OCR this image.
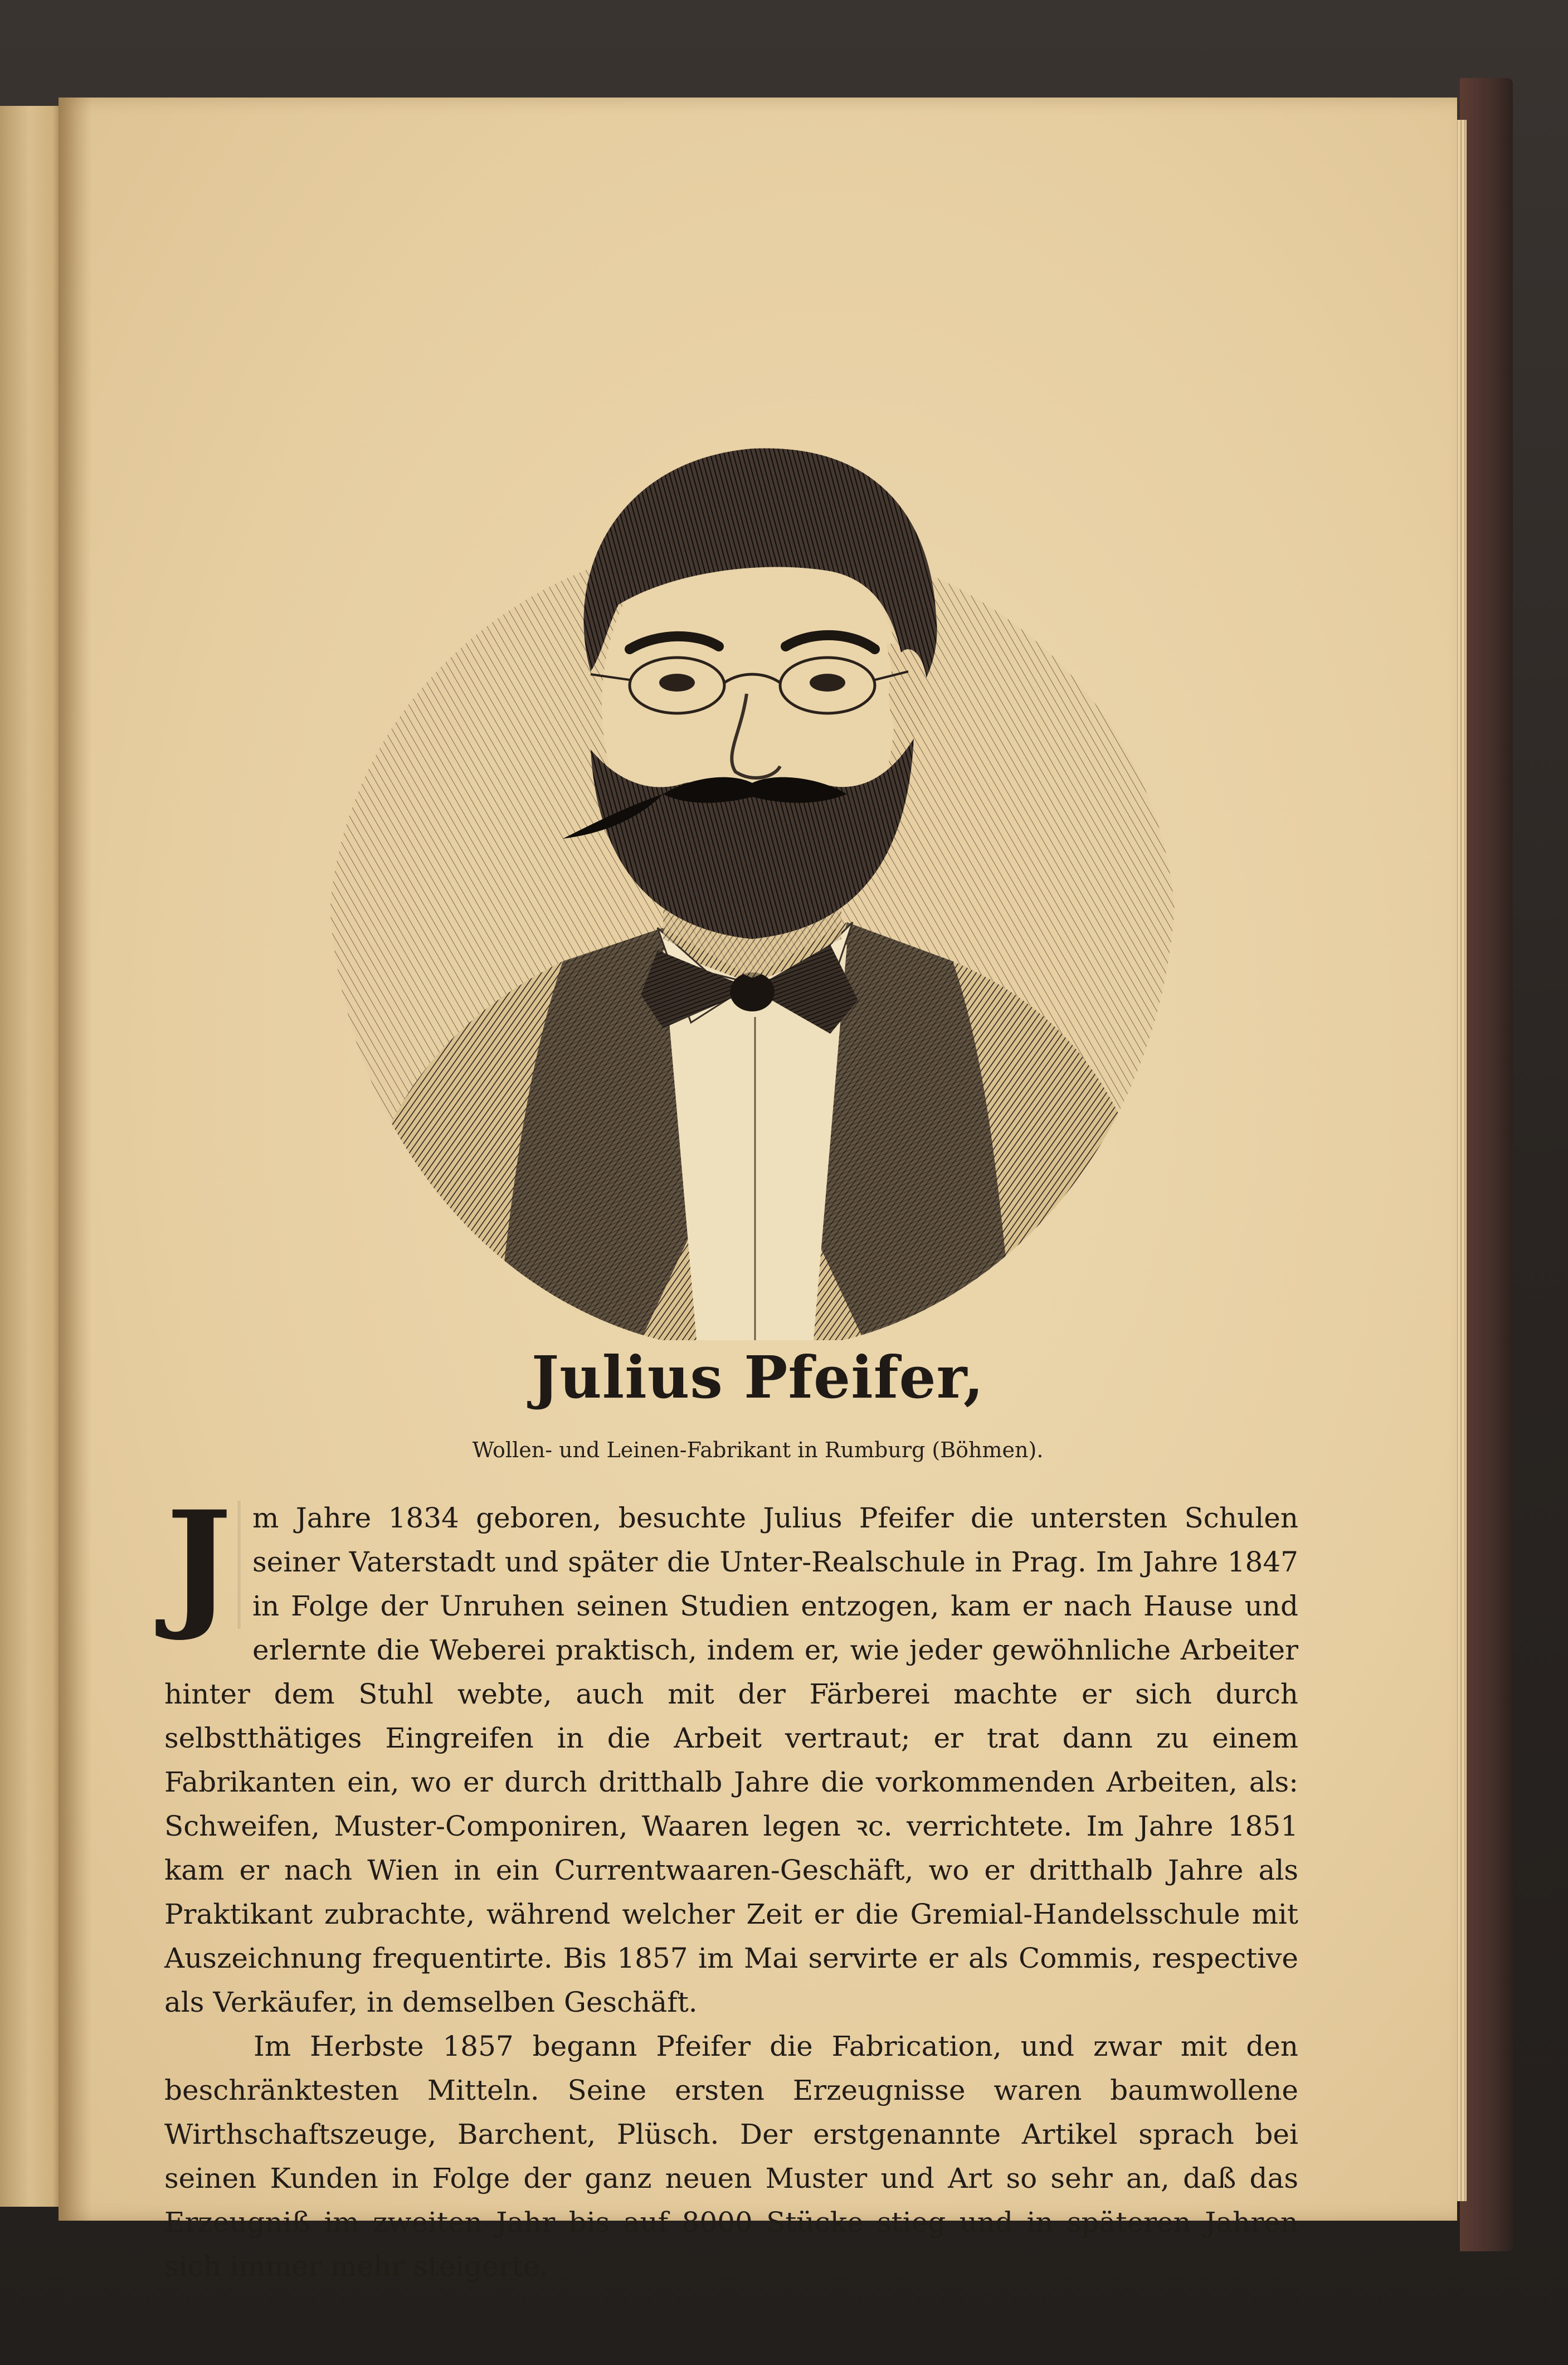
Julius Pfeifer,
Wollen- und Leinen-Fabrikant in Rumburg (Böhmen).

J m Jahre 1834 geboren, besuchte Julius Pfeifer die untersten Schulen seiner Vaterstadt und später die Unter-Realschule in Prag. Im Jahre 1847 in Folge der Unruhen seinen Studien entzogen, kam er nach Hause und erlernte die Weberei praktisch, indem er, wie jeder gewöhnliche Arbeiter hinter dem Stuhl webte, auch mit der Färberei machte er sich durch selbstthätiges Eingreifen in die Arbeit vertraut; er trat dann zu einem Fabrikanten ein, wo er durch dritthalb Jahre die vorkommenden Arbeiten, als: Schweifen, Muster-Componiren, Waaren legen ꝛc. verrichtete. Im Jahre 1851 kam er nach Wien in ein Currentwaaren-Geschäft, wo er dritthalb Jahre als Praktikant zubrachte, während welcher Zeit er die Gremial-Handelsschule mit Auszeichnung frequentirte. Bis 1857 im Mai servirte er als Commis, respective als Verkäufer, in demselben Geschäft.

Im Herbste 1857 begann Pfeifer die Fabrication, und zwar mit den beschränktesten Mitteln. Seine ersten Erzeugnisse waren baumwollene Wirthschaftszeuge, Barchent, Plüsch. Der erstgenannte Artikel sprach bei seinen Kunden in Folge der ganz neuen Muster und Art so sehr an, daß das Erzeugniß im zweiten Jahr bis auf 8000 Stücke stieg und in späteren Jahren sich immer mehr steigerte.
